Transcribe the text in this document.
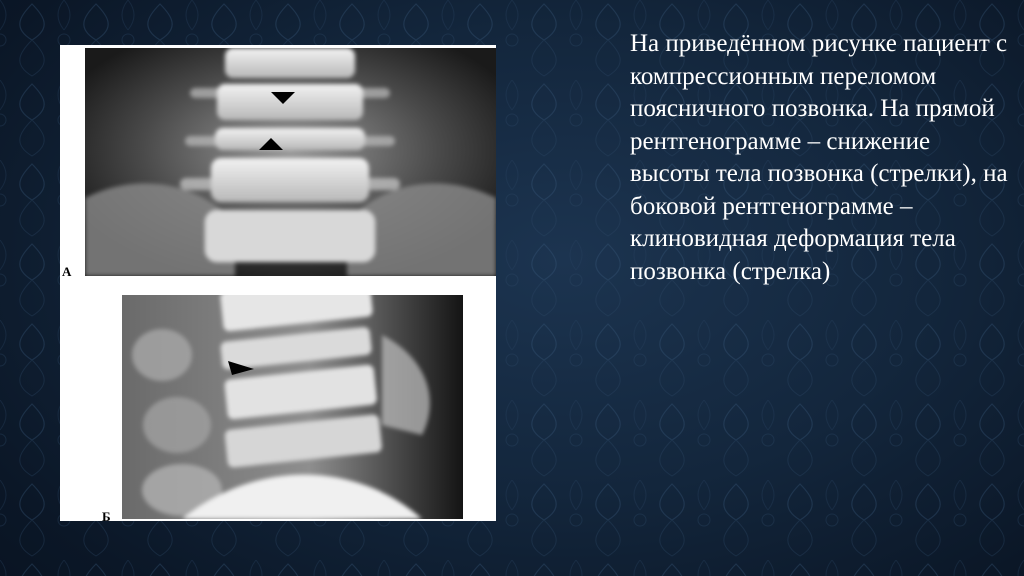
А
Б

На приведённом рисунке пациент с компрессионным переломом поясничного позвонка. На прямой рентгенограмме – снижение высоты тела позвонка (стрелки), на боковой рентгенограмме – клиновидная деформация тела позвонка (стрелка)
